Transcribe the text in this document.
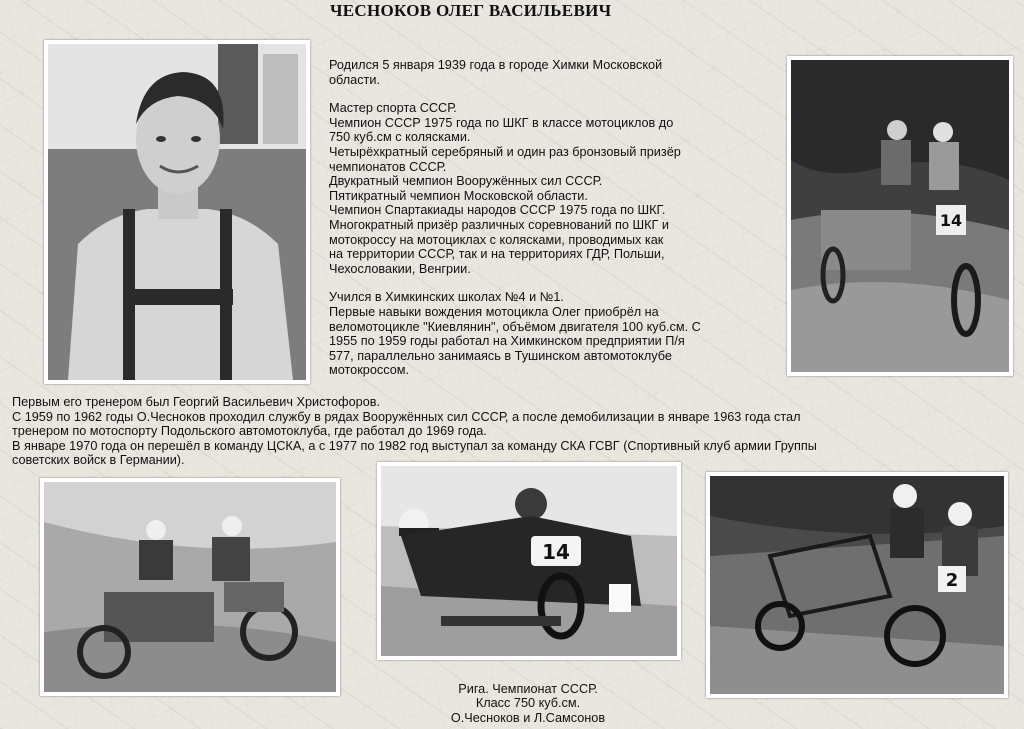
ЧЕСНОКОВ ОЛЕГ ВАСИЛЬЕВИЧ

Родился 5 января 1939 года в городе Химки Московской

области.

Мастер спорта СССР.

Чемпион СССР 1975 года по ШКГ в классе мотоциклов до

750 куб.см с колясками.

Четырёхкратный серебряный и один раз бронзовый призёр

чемпионатов СССР.

Двукратный чемпион Вооружённых сил СССР.

Пятикратный чемпион Московской области.

Чемпион Спартакиады народов СССР 1975 года по ШКГ.

Многократный призёр различных соревнований по ШКГ и

мотокроссу на мотоциклах с колясками, проводимых как

на территории СССР, так и на территориях ГДР, Польши,

Чехословакии, Венгрии.

Учился в Химкинских школах №4 и №1.

Первые навыки вождения мотоцикла Олег приобрёл на

веломотоцикле "Киевлянин", объёмом двигателя 100 куб.см. С

1955 по 1959 годы работал на Химкинском предприятии П/я

577, параллельно занимаясь в Тушинском автомотоклубе

мотокроссом.

14

Первым его тренером был Георгий Васильевич Христофоров.

С 1959 по 1962 годы О.Чесноков проходил службу в рядах Вооружённых сил СССР, а после демобилизации в январе 1963 года стал

тренером по мотоспорту Подольского автомотоклуба, где работал до 1969 года.

В январе 1970 года он перешёл в команду ЦСКА, а с 1977 по 1982 год выступал за команду СКА ГСВГ (Спортивный клуб армии Группы

советских войск в Германии).

14

Рига. Чемпионат СССР.
Класс 750 куб.см.
О.Чесноков и Л.Самсонов

2
